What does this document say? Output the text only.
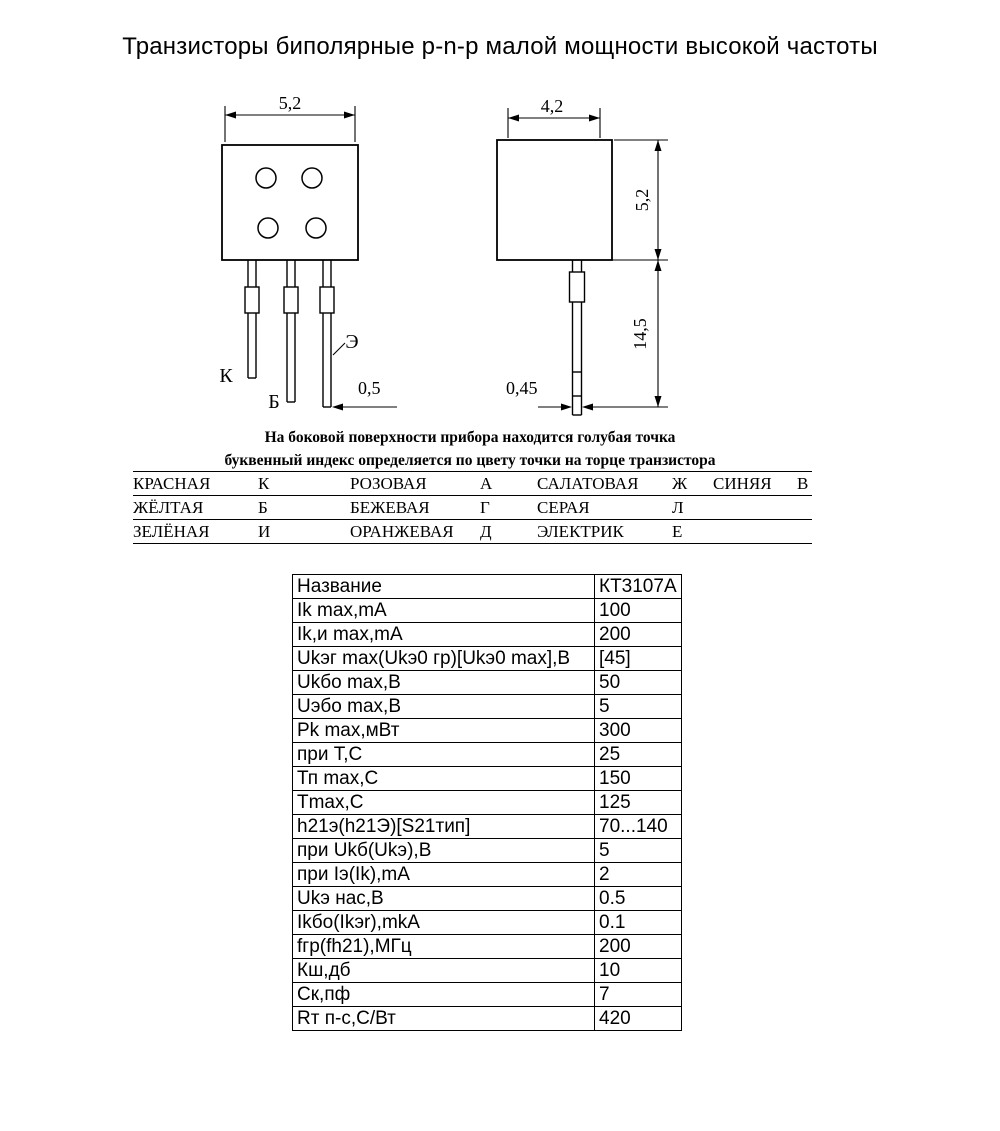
Транзисторы биполярные p-n-p малой мощности высокой частоты
5,2
К
Б
Э
0,5
4,2
5,2
14,5
0,45
На боковой поверхности прибора находится голубая точка
буквенный индекс определяется по цвету точки на торце транзистора
КРАСНАЯ	К	РОЗОВАЯ	А	САЛАТОВАЯ	Ж	СИНЯЯ	В
ЖЁЛТАЯ	Б	БЕЖЕВАЯ	Г	СЕРАЯ	Л
ЗЕЛЁНАЯ	И	ОРАНЖЕВАЯ	Д	ЭЛЕКТРИК	Е
Название	КТ3107А
Ik max,mA	100
Ik,и max,mA	200
Ukэг max(Ukэ0 гр)[Ukэ0 max],В	[45]
Ukбо max,В	50
Uэбо max,В	5
Pk max,мВт	300
при Т,С	25
Тп max,С	150
Tmax,С	125
h21э(h21Э)[S21тип]	70...140
при Ukб(Ukэ),В	5
при Iэ(Ik),mA	2
Ukэ нас,В	0.5
Ikбо(Ikэr),mkA	0.1
fгр(fh21),МГц	200
Кш,дб	10
Ск,пф	7
Rт п-с,С/Вт	420
